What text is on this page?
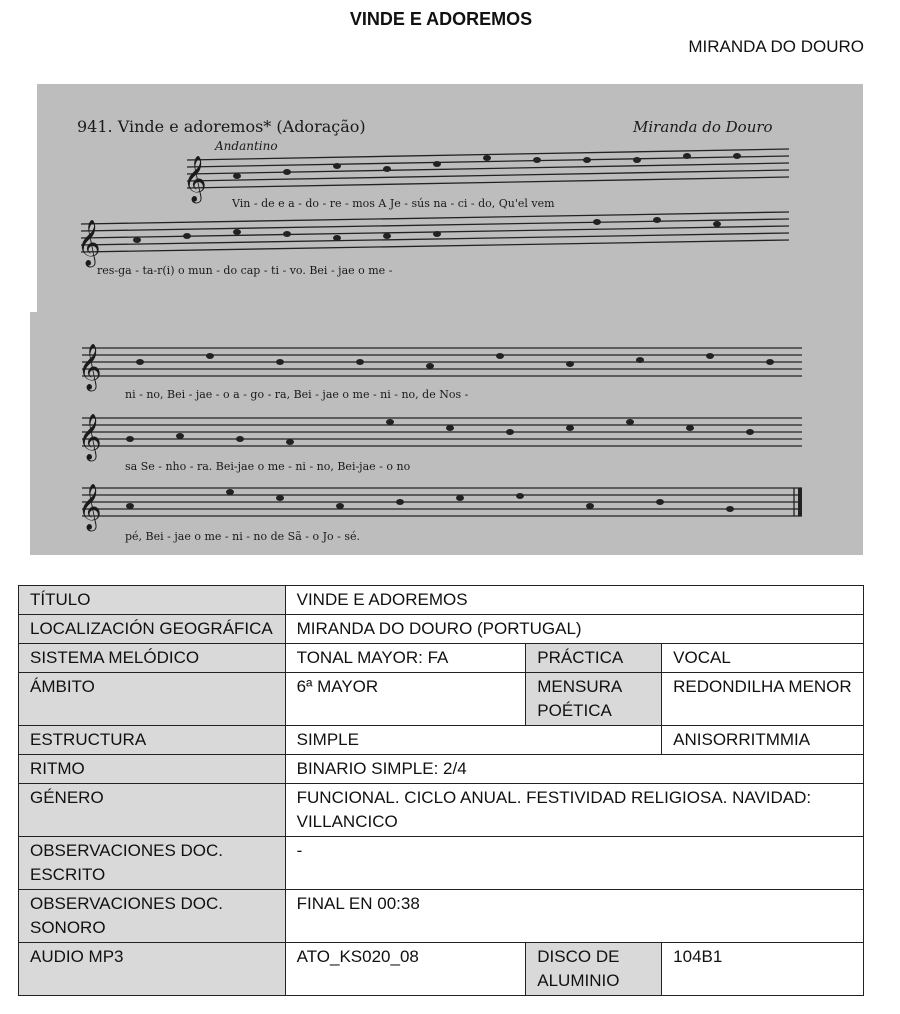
VINDE E ADOREMOS
MIRANDA DO DOURO
941. Vinde e adoremos* (Adoração)	Miranda do Douro
Andantino
𝄞
Vin - de e a - do - re - mos A Je - sús na - ci - do, Qu'el vem
𝄞
res-ga - ta-r(i) o mun - do cap - ti - vo. Bei - jae o me -
𝄞
ni - no, Bei - jae - o a - go - ra, Bei - jae o me - ni - no, de Nos -
𝄞
sa Se - nho - ra. Bei-jae o me - ni - no, Bei-jae - o no
𝄞
pé, Bei - jae o me - ni - no de Sã - o Jo - sé.
TÍTULO	VINDE E ADOREMOS		
LOCALIZACIÓN GEOGRÁFICA	MIRANDA DO DOURO (PORTUGAL)		
SISTEMA MELÓDICO	TONAL MAYOR: FA	PRÁCTICA	VOCAL
ÁMBITO	6ª MAYOR	MENSURA POÉTICA	REDONDILHA MENOR
ESTRUCTURA	SIMPLE		ANISORRITMMIA
RITMO	BINARIO SIMPLE: 2/4		
GÉNERO	FUNCIONAL. CICLO ANUAL. FESTIVIDAD RELIGIOSA. NAVIDAD: VILLANCICO		
OBSERVACIONES DOC. ESCRITO	-		
OBSERVACIONES DOC. SONORO	FINAL EN 00:38		
AUDIO MP3	ATO_KS020_08	DISCO DE ALUMINIO	104B1
